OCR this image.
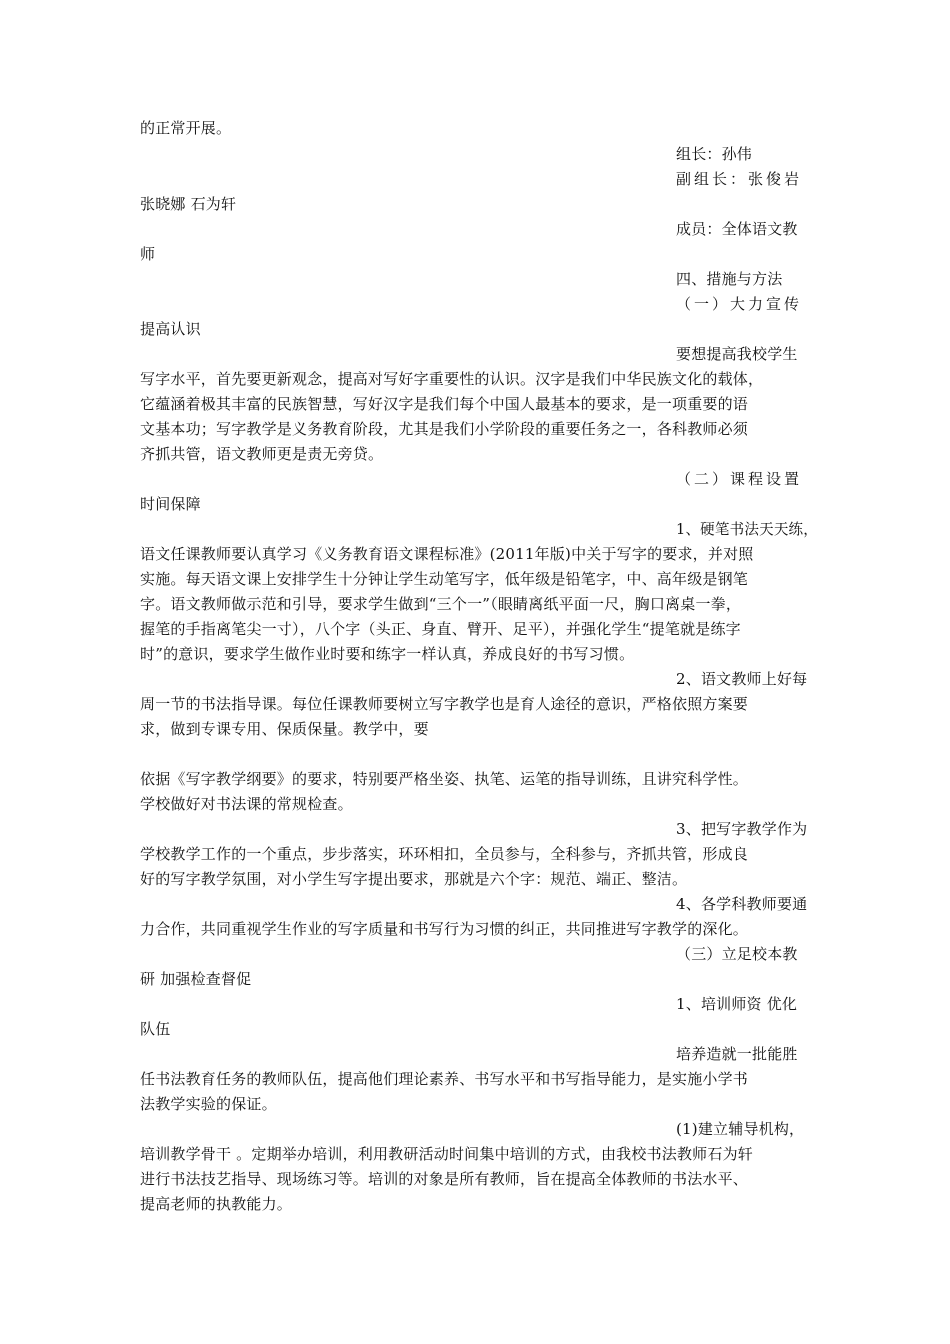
的正常开展。
组长：孙伟
副组长：张俊岩
张晓娜 石为轩
成员：全体语文教
师
四、措施与方法
（一）大力宣传
提高认识
要想提高我校学生
写字水平，首先要更新观念，提高对写好字重要性的认识。汉字是我们中华民族文化的载体，
它蕴涵着极其丰富的民族智慧，写好汉字是我们每个中国人最基本的要求，是一项重要的语
文基本功；写字教学是义务教育阶段，尤其是我们小学阶段的重要任务之一，各科教师必须
齐抓共管，语文教师更是责无旁贷。
（二）课程设置
时间保障
1、硬笔书法天天练，
语文任课教师要认真学习《义务教育语文课程标准》(2011年版)中关于写字的要求，并对照
实施。每天语文课上安排学生十分钟让学生动笔写字，低年级是铅笔字，中、高年级是钢笔
字。语文教师做示范和引导，要求学生做到“三个一”（眼睛离纸平面一尺，胸口离桌一拳，
握笔的手指离笔尖一寸），八个字（头正、身直、臂开、足平），并强化学生“提笔就是练字
时”的意识，要求学生做作业时要和练字一样认真，养成良好的书写习惯。
2、语文教师上好每
周一节的书法指导课。每位任课教师要树立写字教学也是育人途径的意识，严格依照方案要
求，做到专课专用、保质保量。教学中，要
依据《写字教学纲要》的要求，特别要严格坐姿、执笔、运笔的指导训练，且讲究科学性。
学校做好对书法课的常规检查。
3、把写字教学作为
学校教学工作的一个重点，步步落实，环环相扣，全员参与，全科参与，齐抓共管，形成良
好的写字教学氛围，对小学生写字提出要求，那就是六个字：规范、端正、整洁。
4、各学科教师要通
力合作，共同重视学生作业的写字质量和书写行为习惯的纠正，共同推进写字教学的深化。
（三）立足校本教
研 加强检查督促
1、培训师资 优化
队伍
培养造就一批能胜
任书法教育任务的教师队伍，提高他们理论素养、书写水平和书写指导能力，是实施小学书
法教学实验的保证。
(1)建立辅导机构，
培训教学骨干 。定期举办培训，利用教研活动时间集中培训的方式，由我校书法教师石为轩
进行书法技艺指导、现场练习等。培训的对象是所有教师，旨在提高全体教师的书法水平、
提高老师的执教能力。
